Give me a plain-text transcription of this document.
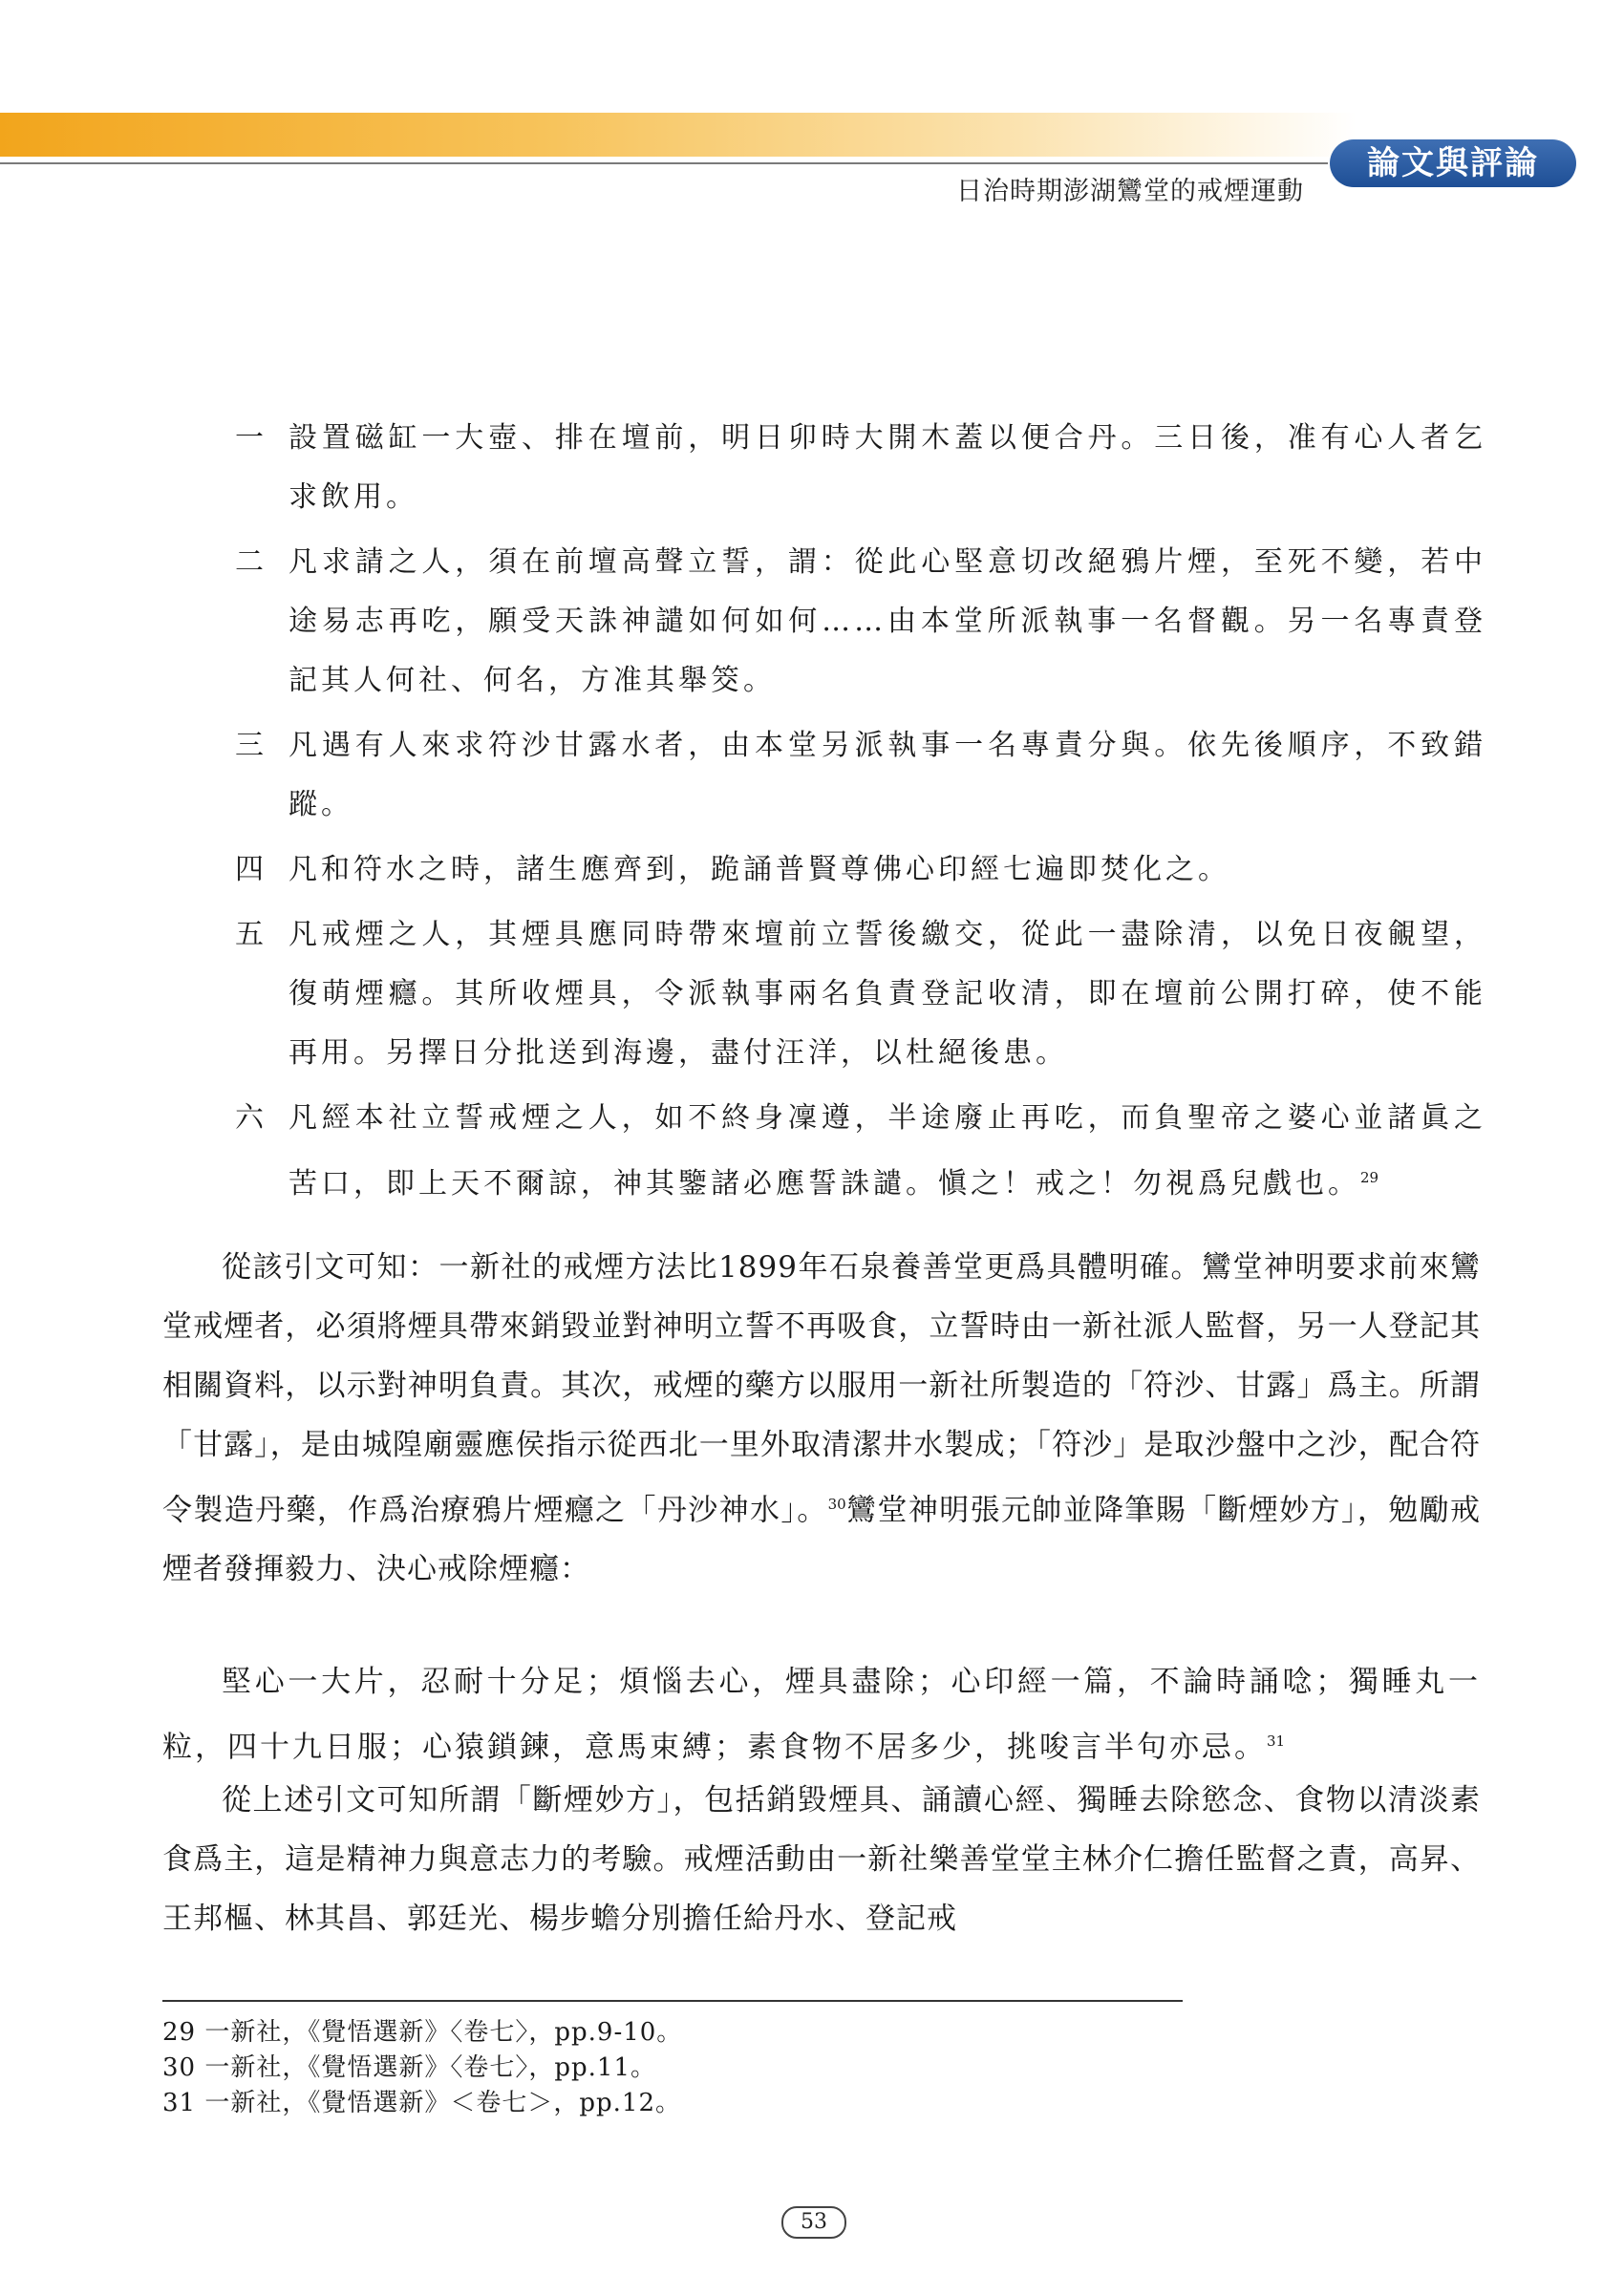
論文與評論
日治時期澎湖鸞堂的戒煙運動
一 設置磁缸一大壺、排在壇前，明日卯時大開木蓋以便合丹。三日後，准有心人者乞求飲用。
二 凡求請之人，須在前壇高聲立誓，謂：從此心堅意切改絕鴉片煙，至死不變，若中途易志再吃，願受天誅神譴如何如何……由本堂所派執事一名督觀。另一名專責登記其人何社、何名，方准其舉筊。
三 凡遇有人來求符沙甘露水者，由本堂另派執事一名專責分與。依先後順序，不致錯蹤。
四 凡和符水之時，諸生應齊到，跪誦普賢尊佛心印經七遍即焚化之。
五 凡戒煙之人，其煙具應同時帶來壇前立誓後繳交，從此一盡除清，以免日夜覦望，復萌煙癮。其所收煙具，令派執事兩名負責登記收清，即在壇前公開打碎，使不能再用。另擇日分批送到海邊，盡付汪洋，以杜絕後患。
六 凡經本社立誓戒煙之人，如不終身凜遵，半途廢止再吃，而負聖帝之婆心並諸眞之苦口，即上天不爾諒，神其鑒諸必應誓誅譴。愼之！戒之！勿視爲兒戲也。$^{29}$
從該引文可知：一新社的戒煙方法比1899年石泉養善堂更爲具體明確。鸞堂神明要求前來鸞堂戒煙者，必須將煙具帶來銷毀並對神明立誓不再吸食，立誓時由一新社派人監督，另一人登記其相關資料，以示對神明負責。其次，戒煙的藥方以服用一新社所製造的「符沙、甘露」爲主。所謂「甘露」，是由城隍廟靈應侯指示從西北一里外取清潔井水製成；「符沙」是取沙盤中之沙，配合符令製造丹藥，作爲治療鴉片煙癮之「丹沙神水」。$^{30}$鸞堂神明張元帥並降筆賜「斷煙妙方」，勉勵戒煙者發揮毅力、決心戒除煙癮：
堅心一大片，忍耐十分足；煩惱去心，煙具盡除；心印經一篇，不論時誦唸；獨睡丸一粒，四十九日服；心猿鎖鍊，意馬束縛；素食物不居多少，挑唆言半句亦忌。$^{31}$
從上述引文可知所謂「斷煙妙方」，包括銷毀煙具、誦讀心經、獨睡去除慾念、食物以清淡素食爲主，這是精神力與意志力的考驗。戒煙活動由一新社樂善堂堂主林介仁擔任監督之責，高昇、王邦樞、林其昌、郭廷光、楊步蟾分別擔任給丹水、登記戒
29 一新社，《覺悟選新》〈卷七〉，pp.9-10。
30 一新社，《覺悟選新》〈卷七〉，pp.11。
31 一新社，《覺悟選新》＜卷七＞，pp.12。
53
